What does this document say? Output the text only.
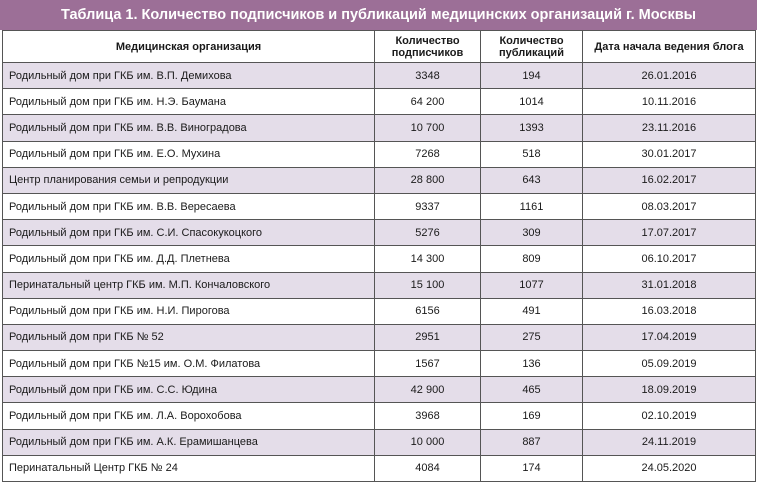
Таблица 1. Количество подписчиков и публикаций медицинских организаций г. Москвы
Медицинская организация	Количество подписчиков	Количество публикаций	Дата начала ведения блога
Родильный дом при ГКБ им. В.П. Демихова	3348	194	26.01.2016
Родильный дом при ГКБ им. Н.Э. Баумана	64 200	1014	10.11.2016
Родильный дом при ГКБ им. В.В. Виноградова	10 700	1393	23.11.2016
Родильный дом при ГКБ им. Е.О. Мухина	7268	518	30.01.2017
Центр планирования семьи и репродукции	28 800	643	16.02.2017
Родильный дом при ГКБ им. В.В. Вересаева	9337	1161	08.03.2017
Родильный дом при ГКБ им. С.И. Спасокукоцкого	5276	309	17.07.2017
Родильный дом при ГКБ им. Д.Д. Плетнева	14 300	809	06.10.2017
Перинатальный центр ГКБ им. М.П. Кончаловского	15 100	1077	31.01.2018
Родильный дом при ГКБ им. Н.И. Пирогова	6156	491	16.03.2018
Родильный дом при ГКБ № 52	2951	275	17.04.2019
Родильный дом при ГКБ №15 им. О.М. Филатова	1567	136	05.09.2019
Родильный дом при ГКБ им. С.С. Юдина	42 900	465	18.09.2019
Родильный дом при ГКБ им. Л.А. Ворохобова	3968	169	02.10.2019
Родильный дом при ГКБ им. А.К. Ерамишанцева	10 000	887	24.11.2019
Перинатальный Центр ГКБ № 24	4084	174	24.05.2020
